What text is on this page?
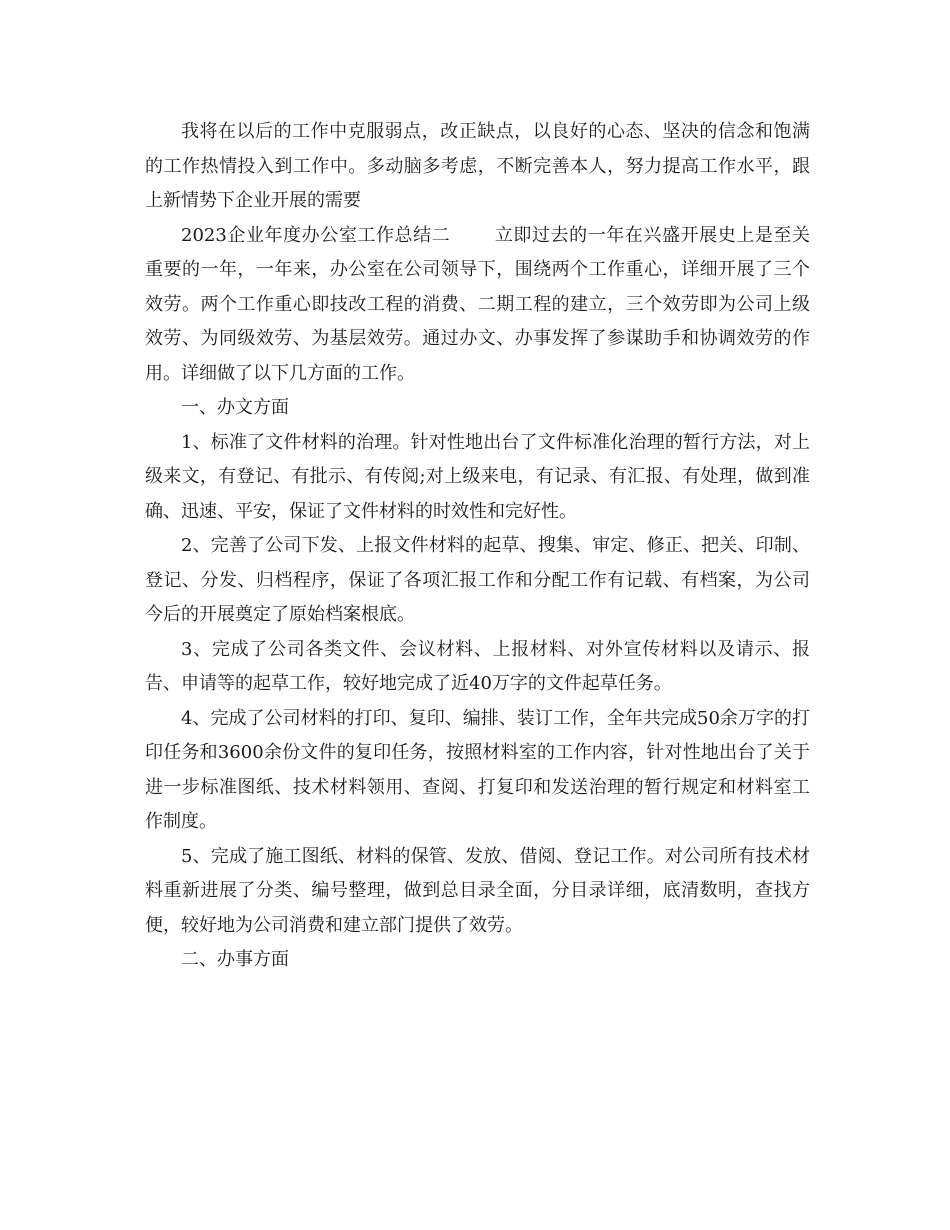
我将在以后的工作中克服弱点，改正缺点，以良好的心态、坚决的信念和饱满的工作热情投入到工作中。多动脑多考虑，不断完善本人，努力提高工作水平，跟上新情势下企业开展的需要

2023企业年度办公室工作总结二 立即过去的一年在兴盛开展史上是至关重要的一年，一年来，办公室在公司领导下，围绕两个工作重心，详细开展了三个效劳。两个工作重心即技改工程的消费、二期工程的建立，三个效劳即为公司上级效劳、为同级效劳、为基层效劳。通过办文、办事发挥了参谋助手和协调效劳的作用。详细做了以下几方面的工作。

一、办文方面

1、标准了文件材料的治理。针对性地出台了文件标准化治理的暂行方法，对上级来文，有登记、有批示、有传阅;对上级来电，有记录、有汇报、有处理，做到准确、迅速、平安，保证了文件材料的时效性和完好性。

2、完善了公司下发、上报文件材料的起草、搜集、审定、修正、把关、印制、登记、分发、归档程序，保证了各项汇报工作和分配工作有记载、有档案，为公司今后的开展奠定了原始档案根底。

3、完成了公司各类文件、会议材料、上报材料、对外宣传材料以及请示、报告、申请等的起草工作，较好地完成了近40万字的文件起草任务。

4、完成了公司材料的打印、复印、编排、装订工作，全年共完成50余万字的打印任务和3600余份文件的复印任务，按照材料室的工作内容，针对性地出台了关于进一步标准图纸、技术材料领用、查阅、打复印和发送治理的暂行规定和材料室工作制度。

5、完成了施工图纸、材料的保管、发放、借阅、登记工作。对公司所有技术材料重新进展了分类、编号整理，做到总目录全面，分目录详细，底清数明，查找方便，较好地为公司消费和建立部门提供了效劳。

二、办事方面
